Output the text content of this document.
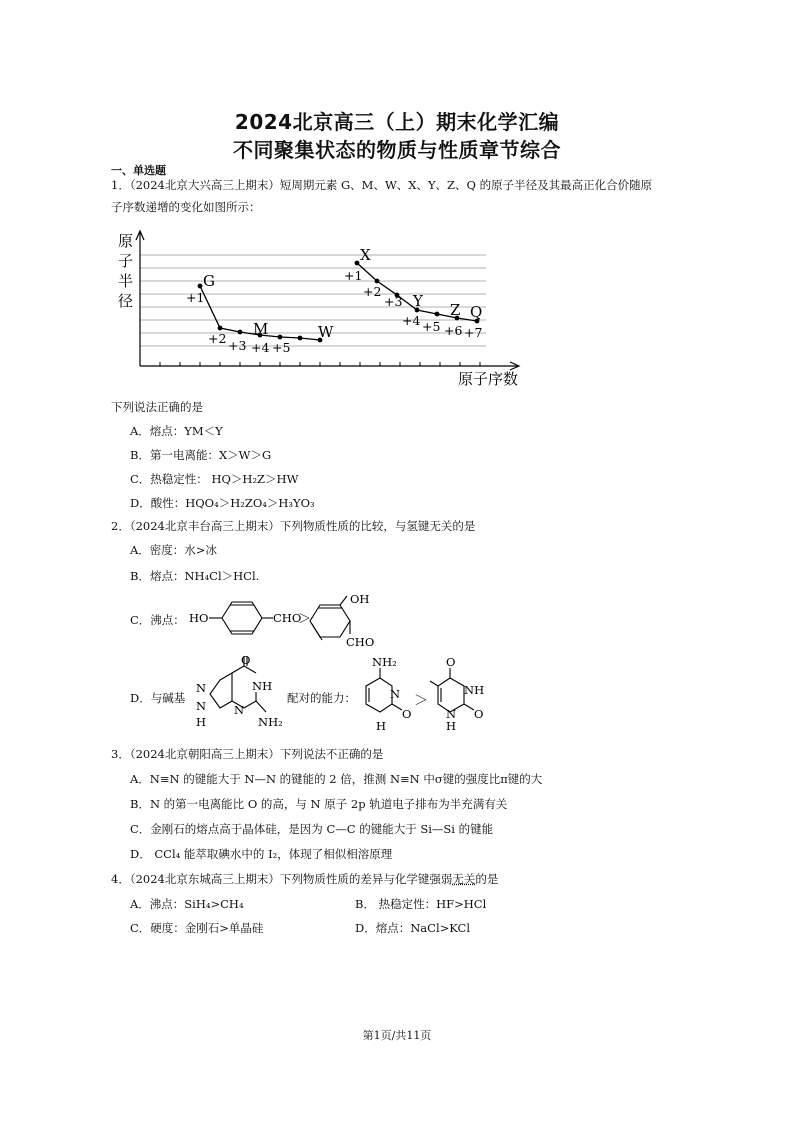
2024北京高三（上）期末化学汇编
不同聚集状态的物质与性质章节综合
一、单选题
1．（2024北京大兴高三上期末）短周期元素 G、M、W、X、Y、Z、Q 的原子半径及其最高正化合价随原
子序数递增的变化如图所示：
原
子
半
径
原子序数
G
M	W
X
Y Z Q
+1
+2 +3 +4 +5
+1
+2
+3
+4 +5 +6 +7
下列说法正确的是
A．熔点：YM＜Y
B．第一电离能：X＞W＞G
C．热稳定性： HQ＞H₂Z＞HW
D．酸性：HQO₄＞H₂ZO₄＞H₃YO₃
2．（2024北京丰台高三上期末）下列物质性质的比较，与氢键无关的是
A．密度：水>冰
B．熔点：NH₄Cl＞HCl.
C．沸点： HO	CHO
＞
OH
CHO
D．与碱基
O
NH
N
N
H
N
NH₂
配对的能力：
NH₂
N
O
H
＞
O
NH
O
N
H
3．（2024北京朝阳高三上期末）下列说法不正确的是
A．N≡N 的键能大于 N—N 的键能的 2 倍，推测 N≡N 中σ键的强度比π键的大
B．N 的第一电离能比 O 的高，与 N 原子 2p 轨道电子排布为半充满有关
C．金刚石的熔点高于晶体硅，是因为 C—C 的键能大于 Si—Si 的键能
D． CCl₄ 能萃取碘水中的 I₂，体现了相似相溶原理
4．（2024北京东城高三上期末）下列物质性质的差异与化学键强弱无关的是
A．沸点：SiH₄>CH₄	B． 热稳定性：HF>HCl
C．硬度：金刚石>单晶硅	D．熔点：NaCl>KCl
第1页/共11页
